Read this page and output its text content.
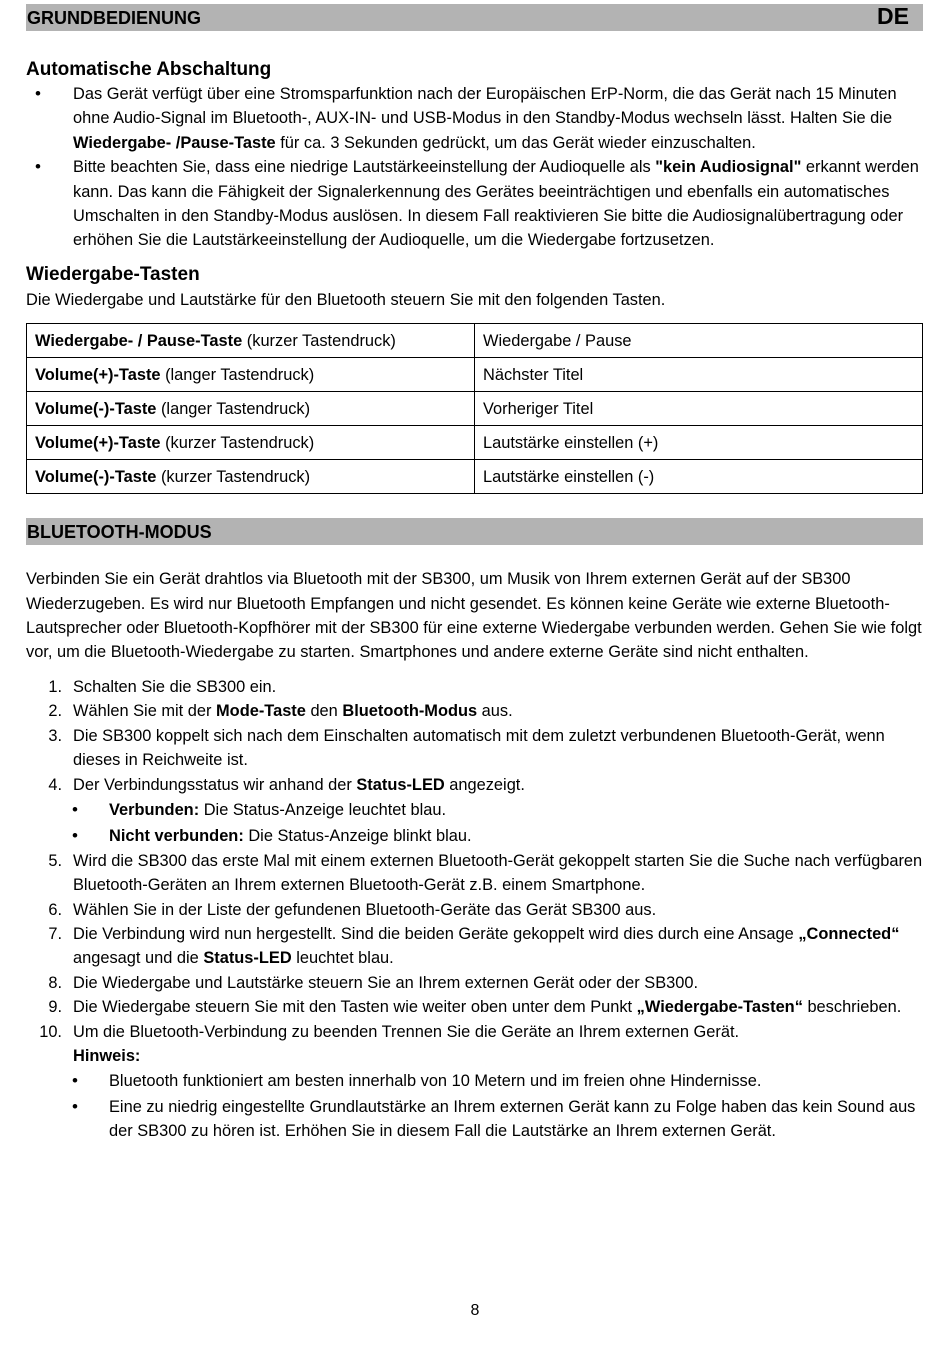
GRUNDBEDIENUNG	DE
Automatische Abschaltung
• Das Gerät verfügt über eine Stromsparfunktion nach der Europäischen ErP-Norm, die das Gerät nach 15 Minuten ohne Audio-Signal im Bluetooth-, AUX-IN- und USB-Modus in den Standby-Modus wechseln lässt. Halten Sie die Wiedergabe- /Pause-Taste für ca. 3 Sekunden gedrückt, um das Gerät wieder einzuschalten.
• Bitte beachten Sie, dass eine niedrige Lautstärkeeinstellung der Audioquelle als "kein Audiosignal" erkannt werden kann. Das kann die Fähigkeit der Signalerkennung des Gerätes beeinträchtigen und ebenfalls ein automatisches Umschalten in den Standby-Modus auslösen. In diesem Fall reaktivieren Sie bitte die Audiosignalübertragung oder erhöhen Sie die Lautstärkeeinstellung der Audioquelle, um die Wiedergabe fortzusetzen.
Wiedergabe-Tasten

Die Wiedergabe und Lautstärke für den Bluetooth steuern Sie mit den folgenden Tasten.

Wiedergabe- / Pause-Taste (kurzer Tastendruck)	Wiedergabe / Pause
Volume(+)-Taste (langer Tastendruck)	Nächster Titel
Volume(-)-Taste (langer Tastendruck)	Vorheriger Titel
Volume(+)-Taste (kurzer Tastendruck)	Lautstärke einstellen (+)
Volume(-)-Taste (kurzer Tastendruck)	Lautstärke einstellen (-)
BLUETOOTH-MODUS

Verbinden Sie ein Gerät drahtlos via Bluetooth mit der SB300, um Musik von Ihrem externen Gerät auf der SB300 Wiederzugeben. Es wird nur Bluetooth Empfangen und nicht gesendet. Es können keine Geräte wie externe Bluetooth-Lautsprecher oder Bluetooth-Kopfhörer mit der SB300 für eine externe Wiedergabe verbunden werden. Gehen Sie wie folgt vor, um die Bluetooth-Wiedergabe zu starten. Smartphones und andere externe Geräte sind nicht enthalten.

1. Schalten Sie die SB300 ein.
2. Wählen Sie mit der Mode-Taste den Bluetooth-Modus aus.
3. Die SB300 koppelt sich nach dem Einschalten automatisch mit dem zuletzt verbundenen Bluetooth-Gerät, wenn dieses in Reichweite ist.
4. Der Verbindungsstatus wir anhand der Status-LED angezeigt.
• Verbunden: Die Status-Anzeige leuchtet blau.
• Nicht verbunden: Die Status-Anzeige blinkt blau.
5. Wird die SB300 das erste Mal mit einem externen Bluetooth-Gerät gekoppelt starten Sie die Suche nach verfügbaren Bluetooth-Geräten an Ihrem externen Bluetooth-Gerät z.B. einem Smartphone.
6. Wählen Sie in der Liste der gefundenen Bluetooth-Geräte das Gerät SB300 aus.
7. Die Verbindung wird nun hergestellt. Sind die beiden Geräte gekoppelt wird dies durch eine Ansage „Connected“ angesagt und die Status-LED leuchtet blau.
8. Die Wiedergabe und Lautstärke steuern Sie an Ihrem externen Gerät oder der SB300.
9. Die Wiedergabe steuern Sie mit den Tasten wie weiter oben unter dem Punkt „Wiedergabe-Tasten“ beschrieben.
10. Um die Bluetooth-Verbindung zu beenden Trennen Sie die Geräte an Ihrem externen Gerät.
Hinweis:
• Bluetooth funktioniert am besten innerhalb von 10 Metern und im freien ohne Hindernisse.
• Eine zu niedrig eingestellte Grundlautstärke an Ihrem externen Gerät kann zu Folge haben das kein Sound aus der SB300 zu hören ist. Erhöhen Sie in diesem Fall die Lautstärke an Ihrem externen Gerät.
8
